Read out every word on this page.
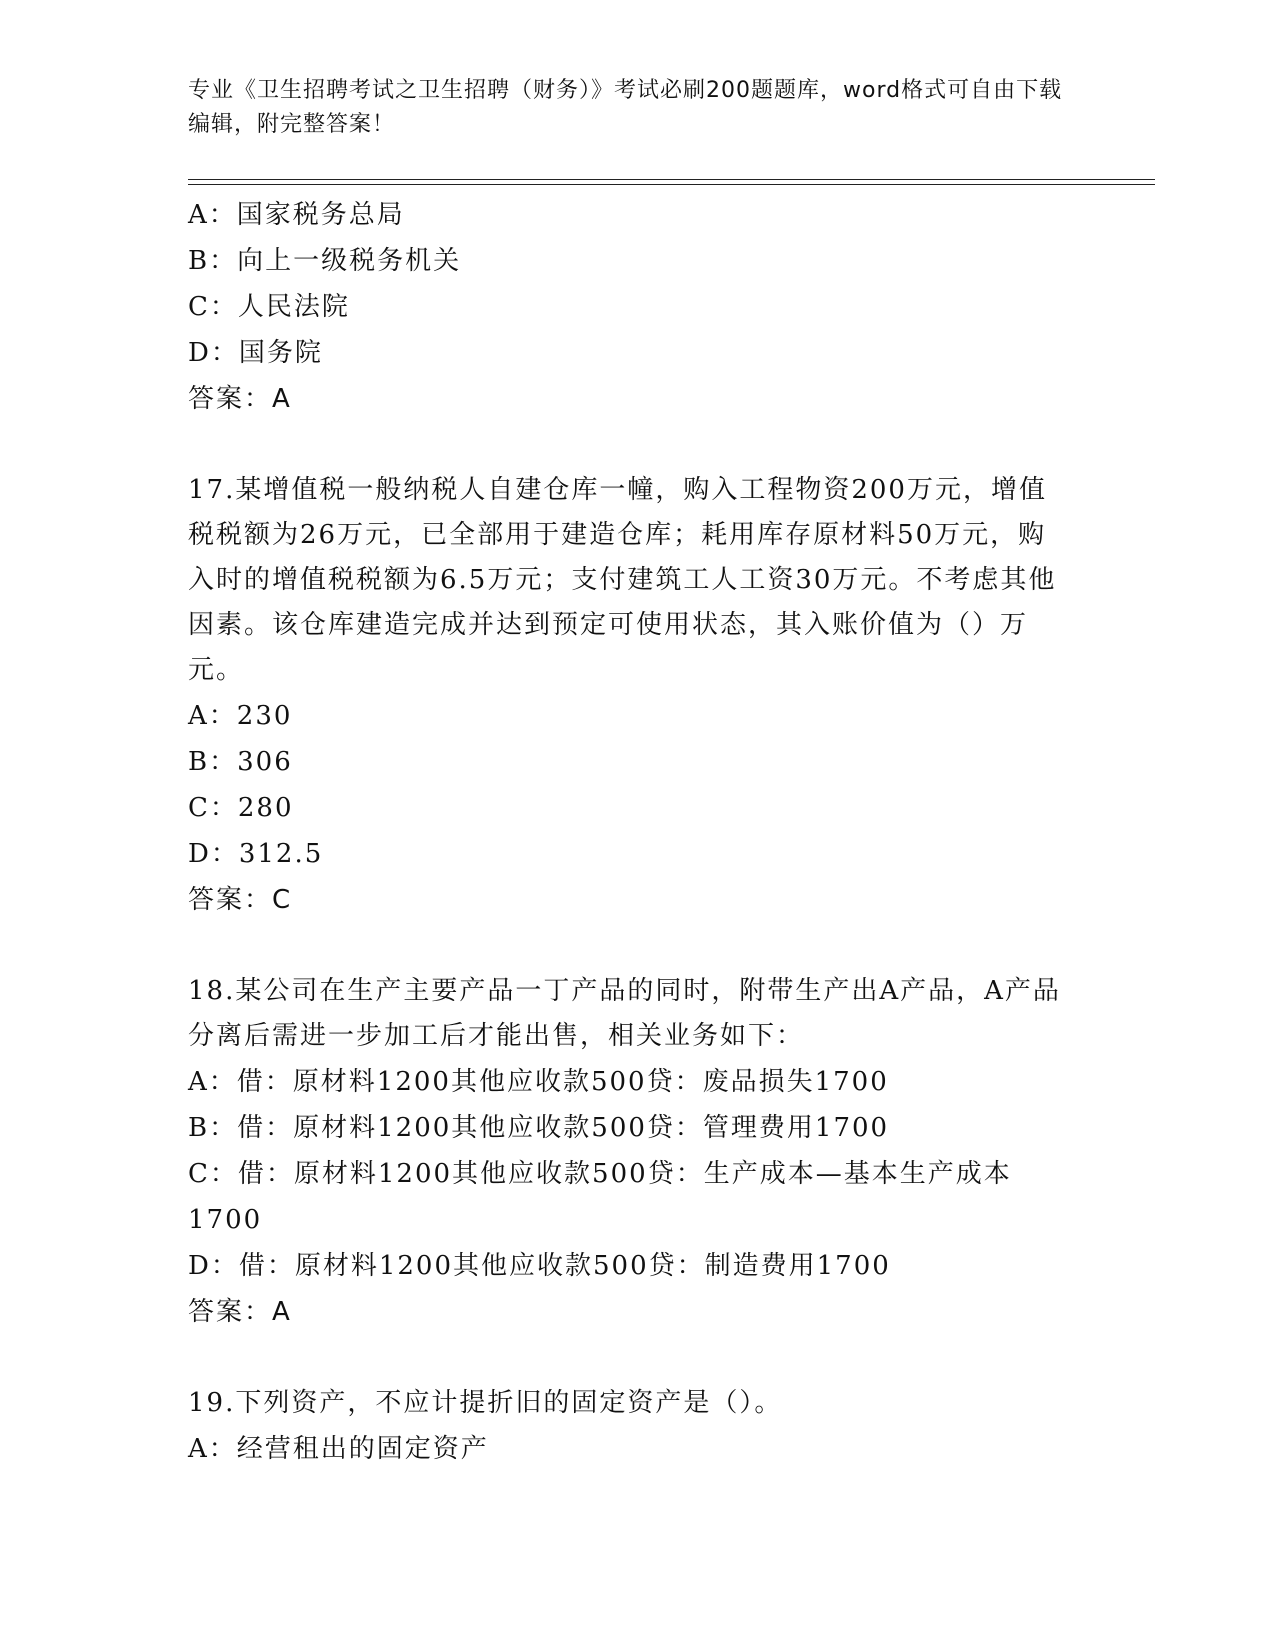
专业《卫生招聘考试之卫生招聘（财务）》考试必刷200题题库，word格式可自由下载编辑，附完整答案！
A：国家税务总局
B：向上一级税务机关
C：人民法院
D：国务院
答案：A
17.某增值税一般纳税人自建仓库一幢，购入工程物资200万元，增值税税额为26万元，已全部用于建造仓库；耗用库存原材料50万元，购入时的增值税税额为6.5万元；支付建筑工人工资30万元。不考虑其他因素。该仓库建造完成并达到预定可使用状态，其入账价值为（）万元。
A：230
B：306
C：280
D：312.5
答案：C
18.某公司在生产主要产品一丁产品的同时，附带生产出A产品，A产品分离后需进一步加工后才能出售，相关业务如下：
A：借：原材料1200其他应收款500贷：废品损失1700
B：借：原材料1200其他应收款500贷：管理费用1700
C：借：原材料1200其他应收款500贷：生产成本—基本生产成本1700
D：借：原材料1200其他应收款500贷：制造费用1700
答案：A
19.下列资产，不应计提折旧的固定资产是（）。
A：经营租出的固定资产
